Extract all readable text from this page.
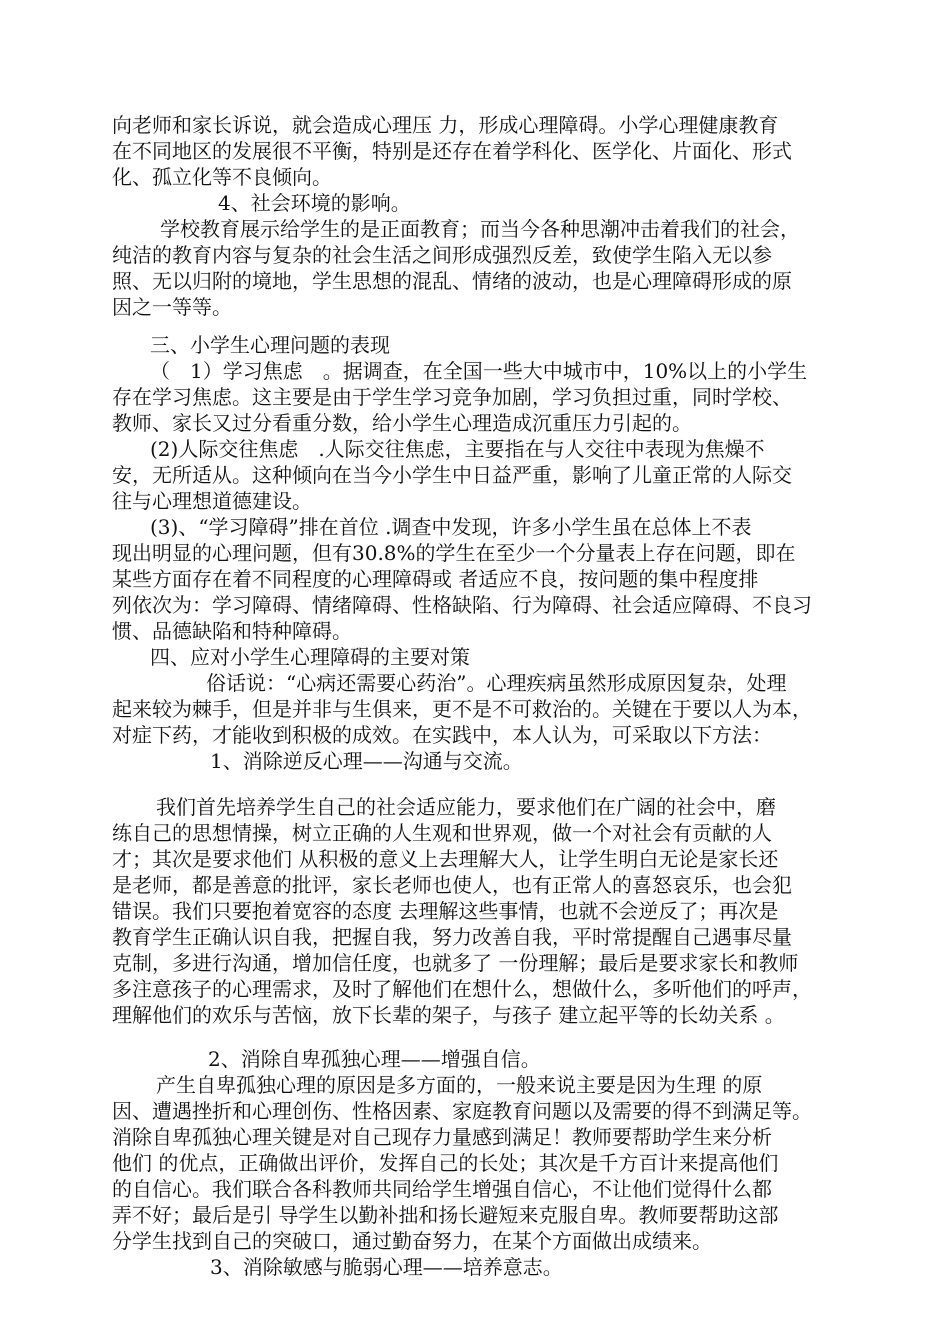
向老师和家长诉说，就会造成心理压 力，形成心理障碍。小学心理健康教育
在不同地区的发展很不平衡，特别是还存在着学科化、医学化、片面化、形式
化、孤立化等不良倾向。
4、社会环境的影响。
学校教育展示给学生的是正面教育；而当今各种思潮冲击着我们的社会，
纯洁的教育内容与复杂的社会生活之间形成强烈反差，致使学生陷入无以参
照、无以归附的境地，学生思想的混乱、情绪的波动，也是心理障碍形成的原
因之一等等。
三、小学生心理问题的表现
（　1）学习焦虑　。据调查，在全国一些大中城市中，10%以上的小学生
存在学习焦虑。这主要是由于学生学习竞争加剧，学习负担过重，同时学校、
教师、家长又过分看重分数，给小学生心理造成沉重压力引起的。
(2)人际交往焦虑　.人际交往焦虑，主要指在与人交往中表现为焦燥不
安，无所适从。这种倾向在当今小学生中日益严重，影响了儿童正常的人际交
往与心理想道德建设。
(3)、“学习障碍”排在首位 .调查中发现，许多小学生虽在总体上不表
现出明显的心理问题，但有30.8%的学生在至少一个分量表上存在问题，即在
某些方面存在着不同程度的心理障碍或 者适应不良，按问题的集中程度排
列依次为：学习障碍、情绪障碍、性格缺陷、行为障碍、社会适应障碍、不良习
惯、品德缺陷和特种障碍。
四、应对小学生心理障碍的主要对策
俗话说：“心病还需要心药治”。心理疾病虽然形成原因复杂，处理
起来较为棘手，但是并非与生俱来，更不是不可救治的。关键在于要以人为本，
对症下药，才能收到积极的成效。在实践中，本人认为，可采取以下方法：
1、消除逆反心理——沟通与交流。
我们首先培养学生自己的社会适应能力，要求他们在广阔的社会中，磨
练自己的思想情操，树立正确的人生观和世界观，做一个对社会有贡献的人
才；其次是要求他们 从积极的意义上去理解大人，让学生明白无论是家长还
是老师，都是善意的批评，家长老师也使人，也有正常人的喜怒哀乐，也会犯
错误。我们只要抱着宽容的态度 去理解这些事情，也就不会逆反了；再次是
教育学生正确认识自我，把握自我，努力改善自我，平时常提醒自己遇事尽量
克制，多进行沟通，增加信任度，也就多了 一份理解；最后是要求家长和教师
多注意孩子的心理需求，及时了解他们在想什么，想做什么，多听他们的呼声，
理解他们的欢乐与苦恼，放下长辈的架子，与孩子 建立起平等的长幼关系 。
2、消除自卑孤独心理——增强自信。
产生自卑孤独心理的原因是多方面的，一般来说主要是因为生理 的原
因、遭遇挫折和心理创伤、性格因素、家庭教育问题以及需要的得不到满足等。
消除自卑孤独心理关键是对自己现存力量感到满足！教师要帮助学生来分析
他们 的优点，正确做出评价，发挥自己的长处；其次是千方百计来提高他们
的自信心。我们联合各科教师共同给学生增强自信心，不让他们觉得什么都
弄不好；最后是引 导学生以勤补拙和扬长避短来克服自卑。教师要帮助这部
分学生找到自己的突破口，通过勤奋努力，在某个方面做出成绩来。
3、消除敏感与脆弱心理——培养意志。
